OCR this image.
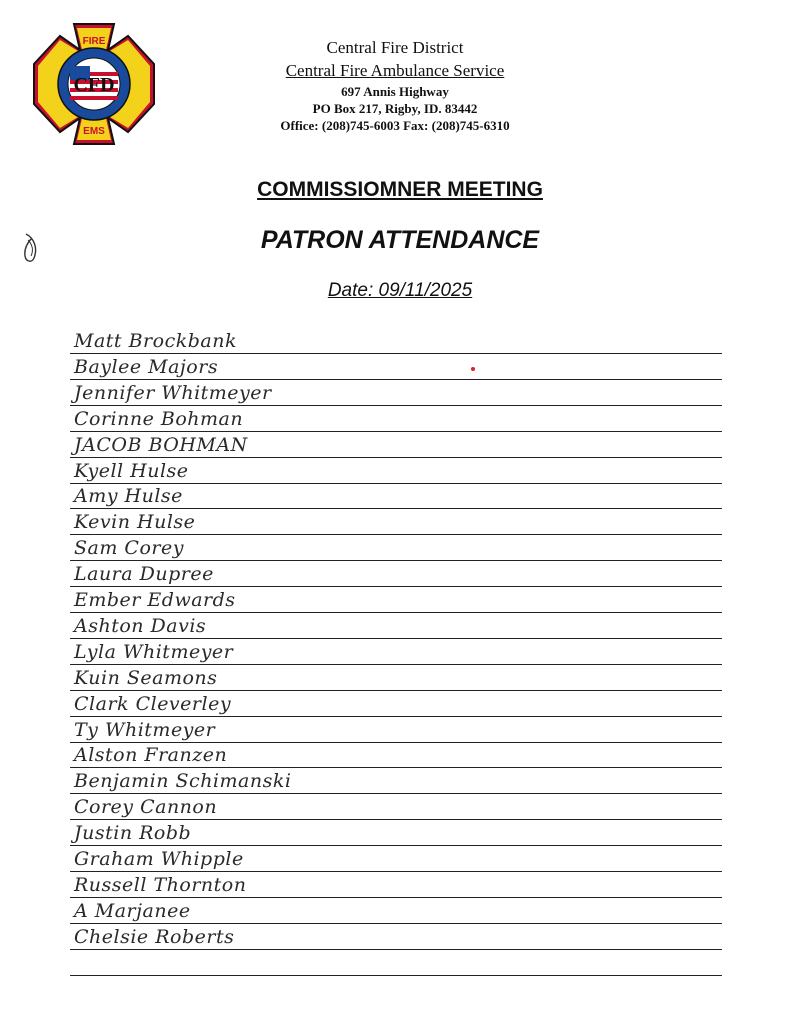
CFD
FIRE
EMS
Central Fire District
Central Fire Ambulance Service
697 Annis Highway
PO Box 217, Rigby, ID. 83442
Office: (208)745-6003 Fax: (208)745-6310
COMMISSIOMNER MEETING
PATRON ATTENDANCE
Date: 09/11/2025
Matt Brockbank
Baylee Majors
Jennifer Whitmeyer
Corinne Bohman
JACOB BOHMAN
Kyell Hulse
Amy Hulse
Kevin Hulse
Sam Corey
Laura Dupree
Ember Edwards
Ashton Davis
Lyla Whitmeyer
Kuin Seamons
Clark Cleverley
Ty Whitmeyer
Alston Franzen
Benjamin Schimanski
Corey Cannon
Justin Robb
Graham Whipple
Russell Thornton
A Marjanee
Chelsie Roberts
